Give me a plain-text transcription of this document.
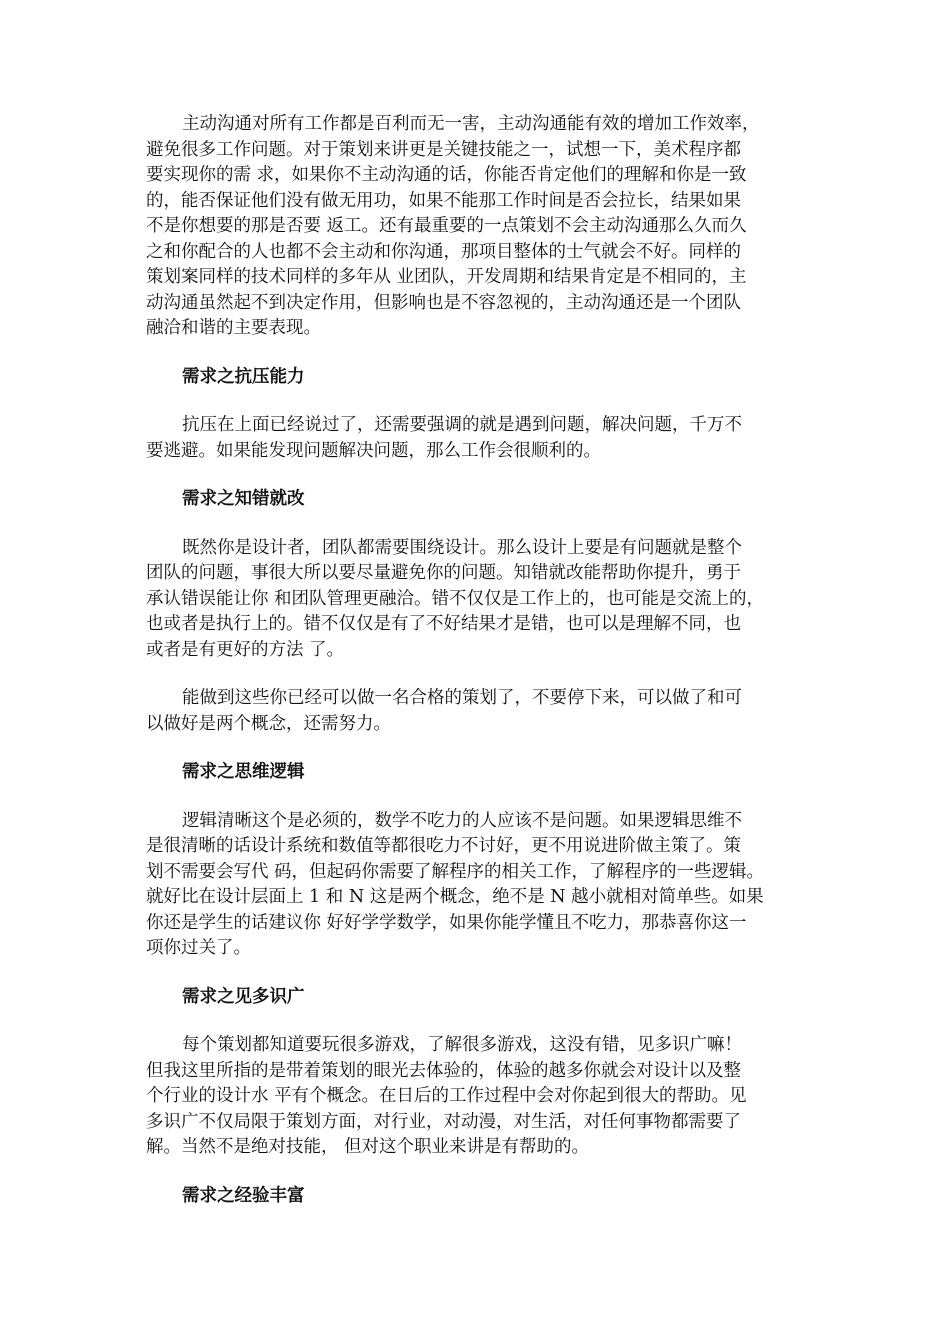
主动沟通对所有工作都是百利而无一害，主动沟通能有效的增加工作效率，
避免很多工作问题。对于策划来讲更是关键技能之一，试想一下，美术程序都
要实现你的需 求，如果你不主动沟通的话，你能否肯定他们的理解和你是一致
的，能否保证他们没有做无用功，如果不能那工作时间是否会拉长，结果如果
不是你想要的那是否要 返工。还有最重要的一点策划不会主动沟通那么久而久
之和你配合的人也都不会主动和你沟通，那项目整体的士气就会不好。同样的
策划案同样的技术同样的多年从 业团队，开发周期和结果肯定是不相同的，主
动沟通虽然起不到决定作用，但影响也是不容忽视的，主动沟通还是一个团队
融洽和谐的主要表现。

需求之抗压能力

抗压在上面已经说过了，还需要强调的就是遇到问题，解决问题，千万不
要逃避。如果能发现问题解决问题，那么工作会很顺利的。

需求之知错就改

既然你是设计者，团队都需要围绕设计。那么设计上要是有问题就是整个
团队的问题，事很大所以要尽量避免你的问题。知错就改能帮助你提升，勇于
承认错误能让你 和团队管理更融洽。错不仅仅是工作上的，也可能是交流上的，
也或者是执行上的。错不仅仅是有了不好结果才是错，也可以是理解不同，也
或者是有更好的方法 了。

能做到这些你已经可以做一名合格的策划了，不要停下来，可以做了和可
以做好是两个概念，还需努力。

需求之思维逻辑

逻辑清晰这个是必须的，数学不吃力的人应该不是问题。如果逻辑思维不
是很清晰的话设计系统和数值等都很吃力不讨好，更不用说进阶做主策了。策
划不需要会写代 码，但起码你需要了解程序的相关工作，了解程序的一些逻辑。
就好比在设计层面上 1 和 N 这是两个概念，绝不是 N 越小就相对简单些。如果
你还是学生的话建议你 好好学学数学，如果你能学懂且不吃力，那恭喜你这一
项你过关了。

需求之见多识广

每个策划都知道要玩很多游戏，了解很多游戏，这没有错，见多识广嘛！
但我这里所指的是带着策划的眼光去体验的，体验的越多你就会对设计以及整
个行业的设计水 平有个概念。在日后的工作过程中会对你起到很大的帮助。见
多识广不仅局限于策划方面，对行业，对动漫，对生活，对任何事物都需要了
解。当然不是绝对技能， 但对这个职业来讲是有帮助的。

需求之经验丰富
